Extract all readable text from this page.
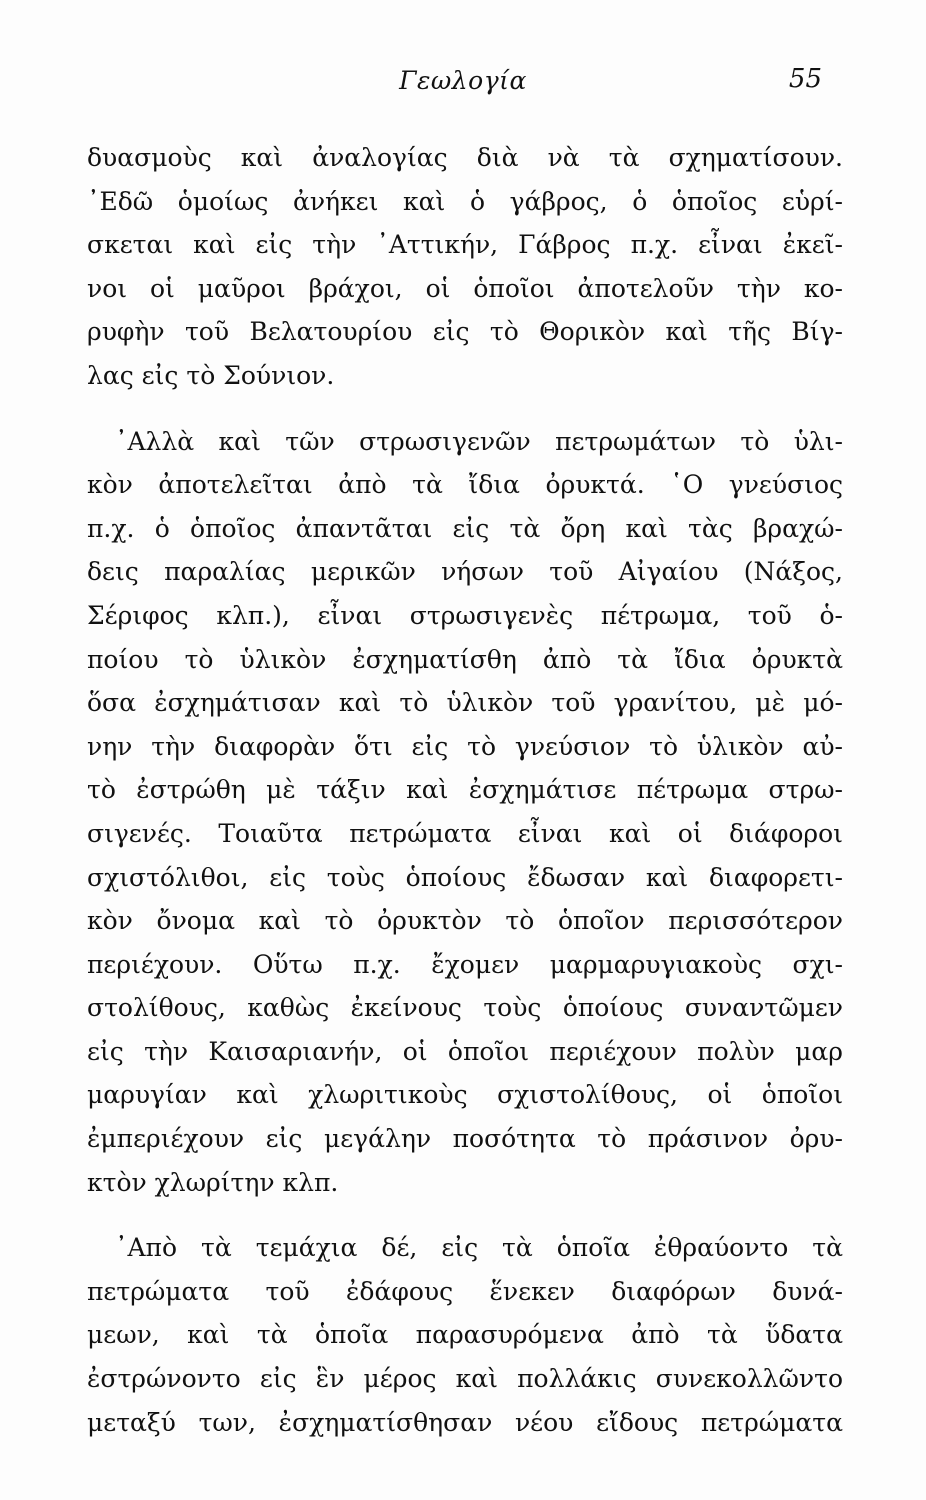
Γεωλογία	55

δυασμοὺς καὶ ἀναλογίας διὰ νὰ τὰ σχηματίσουν.
᾿Εδῶ ὁμοίως ἀνήκει καὶ ὁ γάβρος, ὁ ὁποῖος εὑρί-
σκεται καὶ εἰς τὴν ᾿Αττικήν, Γάβρος π.χ. εἶναι ἐκεῖ-
νοι οἱ μαῦροι βράχοι, οἱ ὁποῖοι ἀποτελοῦν τὴν κο-
ρυφὴν τοῦ Βελατουρίου εἰς τὸ Θορικὸν καὶ τῆς Βίγ-
λας εἰς τὸ Σούνιον.

᾿Αλλὰ καὶ τῶν στρωσιγενῶν πετρωμάτων τὸ ὑλι-
κὸν ἀποτελεῖται ἀπὸ τὰ ἴδια ὀρυκτά. ῾Ο γνεύσιος
π.χ. ὁ ὁποῖος ἀπαντᾶται εἰς τὰ ὄρη καὶ τὰς βραχώ-
δεις παραλίας μερικῶν νήσων τοῦ Αἰγαίου (Νάξος,
Σέριφος κλπ.), εἶναι στρωσιγενὲς πέτρωμα, τοῦ ὁ-
ποίου τὸ ὑλικὸν ἐσχηματίσθη ἀπὸ τὰ ἴδια ὀρυκτὰ
ὅσα ἐσχημάτισαν καὶ τὸ ὑλικὸν τοῦ γρανίτου, μὲ μό-
νην τὴν διαφορὰν ὅτι εἰς τὸ γνεύσιον τὸ ὑλικὸν αὐ-
τὸ ἐστρώθη μὲ τάξιν καὶ ἐσχημάτισε πέτρωμα στρω-
σιγενές. Τοιαῦτα πετρώματα εἶναι καὶ οἱ διάφοροι
σχιστόλιθοι, εἰς τοὺς ὁποίους ἔδωσαν καὶ διαφορετι-
κὸν ὄνομα καὶ τὸ ὀρυκτὸν τὸ ὁποῖον περισσότερον
περιέχουν. Οὕτω π.χ. ἔχομεν μαρμαρυγιακοὺς σχι-
στολίθους, καθὼς ἐκείνους τοὺς ὁποίους συναντῶμεν
εἰς τὴν Καισαριανήν, οἱ ὁποῖοι περιέχουν πολὺν μαρ
μαρυγίαν καὶ χλωριτικοὺς σχιστολίθους, οἱ ὁποῖοι
ἐμπεριέχουν εἰς μεγάλην ποσότητα τὸ πράσινον ὀρυ-
κτὸν χλωρίτην κλπ.

᾿Απὸ τὰ τεμάχια δέ, εἰς τὰ ὁποῖα ἐθραύοντο τὰ
πετρώματα τοῦ ἐδάφους ἕνεκεν διαφόρων δυνά-
μεων, καὶ τὰ ὁποῖα παρασυρόμενα ἀπὸ τὰ ὕδατα
ἐστρώνοντο εἰς ἓν μέρος καὶ πολλάκις συνεκολλῶντο
μεταξύ των, ἐσχηματίσθησαν νέου εἴδους πετρώματα
